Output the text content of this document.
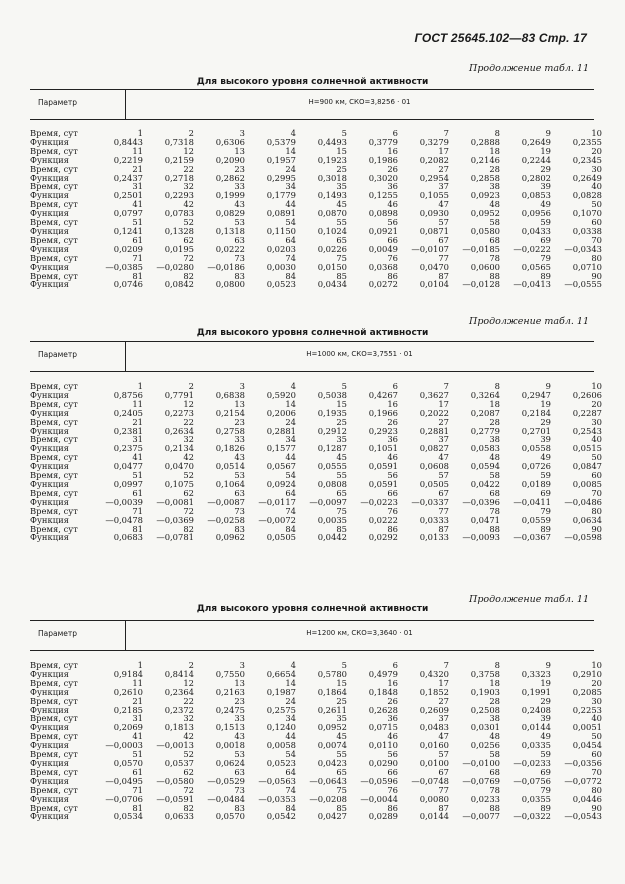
ГОСТ 25645.102—83 Стр. 17
Продолжение табл. 11
Для высокого уровня солнечной активности
Параметр	H=900 км, СКО=3,8256 · 01
Время, сут	1	2	3	4	5	6	7	8	9	10
Функция	0,8443	0,7318	0,6306	0,5379	0,4493	0,3779	0,3279	0,2888	0,2649	0,2355
Время, сут	11	12	13	14	15	16	17	18	19	20
Функция	0,2219	0,2159	0,2090	0,1957	0,1923	0,1986	0,2082	0,2146	0,2244	0,2345
Время, сут	21	22	23	24	25	26	27	28	29	30
Функция	0,2437	0,2718	0,2862	0,2995	0,3018	0,3020	0,2954	0,2858	0,2802	0,2649
Время, сут	31	32	33	34	35	36	37	38	39	40
Функция	0,2501	0,2293	0,1999	0,1779	0,1493	0,1255	0,1055	0,0923	0,0853	0,0828
Время, сут	41	42	43	44	45	46	47	48	49	50
Функция	0,0797	0,0783	0,0829	0,0891	0,0870	0,0898	0,0930	0,0952	0,0956	0,1070
Время, сут	51	52	53	54	55	56	57	58	59	60
Функция	0,1241	0,1328	0,1318	0,1150	0,1024	0,0921	0,0871	0,0580	0,0433	0,0338
Время, сут	61	62	63	64	65	66	67	68	69	70
Функция	0,0209	0,0195	0,0222	0,0203	0,0226	0,0049	—0,0107	—0,0185	—0,0222	—0,0343
Время, сут	71	72	73	74	75	76	77	78	79	80
Функция	—0,0385	—0,0280	—0,0186	0,0030	0,0150	0,0368	0,0470	0,0600	0,0565	0,0710
Время, сут	81	82	83	84	85	86	87	88	89	90
Функция	0,0746	0,0842	0,0800	0,0523	0,0434	0,0272	0,0104	—0,0128	—0,0413	—0,0555
Продолжение табл. 11
Для высокого уровня солнечной активности
Параметр	H=1000 км, СКО=3,7551 · 01
Время, сут	1	2	3	4	5	6	7	8	9	10
Функция	0,8756	0,7791	0,6838	0,5920	0,5038	0,4267	0,3627	0,3264	0,2947	0,2606
Время, сут	11	12	13	14	15	16	17	18	19	20
Функция	0,2405	0,2273	0,2154	0,2006	0,1935	0,1966	0,2022	0,2087	0,2184	0,2287
Время, сут	21	22	23	24	25	26	27	28	29	30
Функция	0,2381	0,2634	0,2758	0,2881	0,2912	0,2923	0,2881	0,2779	0,2701	0,2543
Время, сут	31	32	33	34	35	36	37	38	39	40
Функция	0,2375	0,2134	0,1826	0,1577	0,1287	0,1051	0,0827	0,0583	0,0558	0,0515
Время, сут	41	42	43	44	45	46	47	48	49	50
Функция	0,0477	0,0470	0,0514	0,0567	0,0555	0,0591	0,0608	0,0594	0,0726	0,0847
Время, сут	51	52	53	54	55	56	57	58	59	60
Функция	0,0997	0,1075	0,1064	0,0924	0,0808	0,0591	0,0505	0,0422	0,0189	0,0085
Время, сут	61	62	63	64	65	66	67	68	69	70
Функция	—0,0039	—0,0081	—0,0087	—0,0117	—0,0097	—0,0223	—0,0337	—0,0396	—0,0411	—0,0486
Время, сут	71	72	73	74	75	76	77	78	79	80
Функция	—0,0478	—0,0369	—0,0258	—0,0072	0,0035	0,0222	0,0333	0,0471	0,0559	0,0634
Время, сут	81	82	83	84	85	86	87	88	89	90
Функция	0,0683	—0,0781	0,0962	0,0505	0,0442	0,0292	0,0133	—0,0093	—0,0367	—0,0598
Продолжение табл. 11
Для высокого уровня солнечной активности
Параметр	H=1200 км, СКО=3,3640 · 01
Время, сут	1	2	3	4	5	6	7	8	9	10
Функция	0,9184	0,8414	0,7550	0,6654	0,5780	0,4979	0,4320	0,3758	0,3323	0,2910
Время, сут	11	12	13	14	15	16	17	18	19	20
Функция	0,2610	0,2364	0,2163	0,1987	0,1864	0,1848	0,1852	0,1903	0,1991	0,2085
Время, сут	21	22	23	24	25	26	27	28	29	30
Функция	0,2185	0,2372	0,2475	0,2575	0,2611	0,2628	0,2609	0,2508	0,2408	0,2253
Время, сут	31	32	33	34	35	36	37	38	39	40
Функция	0,2069	0,1813	0,1513	0,1240	0,0952	0,0715	0,0483	0,0301	0,0144	0,0051
Время, сут	41	42	43	44	45	46	47	48	49	50
Функция	—0,0003	—0,0013	0,0018	0,0058	0,0074	0,0110	0,0160	0,0256	0,0335	0,0454
Время, сут	51	52	53	54	55	56	57	58	59	60
Функция	0,0570	0,0537	0,0624	0,0523	0,0423	0,0290	0,0100	—0,0100	—0,0233	—0,0356
Время, сут	61	62	63	64	65	66	67	68	69	70
Функция	—0,0495	—0,0580	—0,0529	—0,0563	—0,0643	—0,0596	—0,0748	—0,0769	—0,0756	—0,0772
Время, сут	71	72	73	74	75	76	77	78	79	80
Функция	—0,0706	—0,0591	—0,0484	—0,0353	—0,0208	—0,0044	0,0080	0,0233	0,0355	0,0446
Время, сут	81	82	83	84	85	86	87	88	89	90
Функция	0,0534	0,0633	0,0570	0,0542	0,0427	0,0289	0,0144	—0,0077	—0,0322	—0,0543
